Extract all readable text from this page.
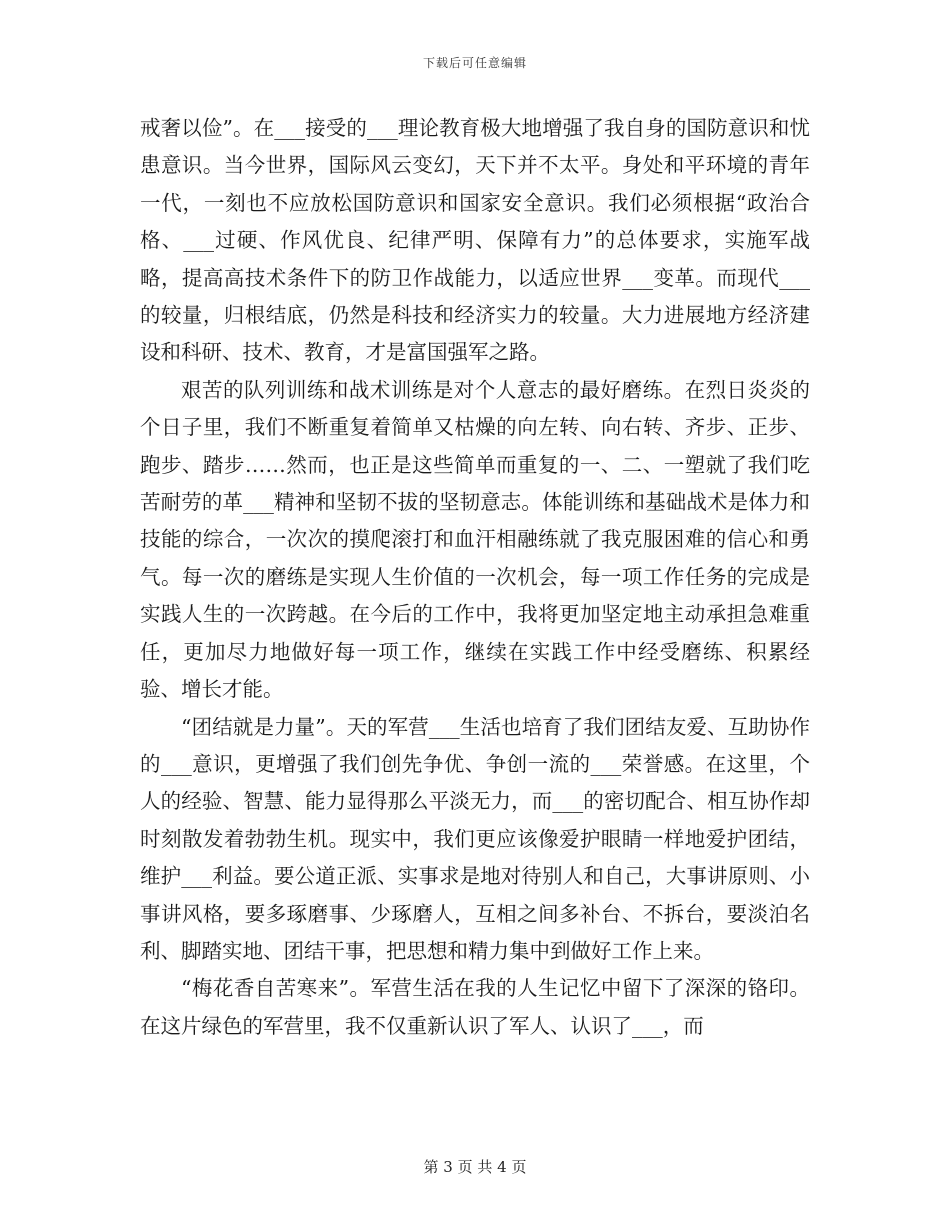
下载后可任意编辑

戒奢以俭”。在___接受的___理论教育极大地增强了我自身的国防意识和忧患意识。当今世界，国际风云变幻，天下并不太平。身处和平环境的青年一代，一刻也不应放松国防意识和国家安全意识。我们必须根据“政治合格、___过硬、作风优良、纪律严明、保障有力”的总体要求，实施军战略，提高高技术条件下的防卫作战能力，以适应世界___变革。而现代___的较量，归根结底，仍然是科技和经济实力的较量。大力进展地方经济建设和科研、技术、教育，才是富国强军之路。

艰苦的队列训练和战术训练是对个人意志的最好磨练。在烈日炎炎的个日子里，我们不断重复着简单又枯燥的向左转、向右转、齐步、正步、跑步、踏步……然而，也正是这些简单而重复的一、二、一塑就了我们吃苦耐劳的革___精神和坚韧不拔的坚韧意志。体能训练和基础战术是体力和技能的综合，一次次的摸爬滚打和血汗相融练就了我克服困难的信心和勇气。每一次的磨练是实现人生价值的一次机会，每一项工作任务的完成是实践人生的一次跨越。在今后的工作中，我将更加坚定地主动承担急难重任，更加尽力地做好每一项工作，继续在实践工作中经受磨练、积累经验、增长才能。

“团结就是力量”。天的军营___生活也培育了我们团结友爱、互助协作的___意识，更增强了我们创先争优、争创一流的___荣誉感。在这里，个人的经验、智慧、能力显得那么平淡无力，而___的密切配合、相互协作却时刻散发着勃勃生机。现实中，我们更应该像爱护眼睛一样地爱护团结，维护___利益。要公道正派、实事求是地对待别人和自己，大事讲原则、小事讲风格，要多琢磨事、少琢磨人，互相之间多补台、不拆台，要淡泊名利、脚踏实地、团结干事，把思想和精力集中到做好工作上来。

“梅花香自苦寒来”。军营生活在我的人生记忆中留下了深深的铬印。在这片绿色的军营里，我不仅重新认识了军人、认识了___，而

第 3 页 共 4 页
